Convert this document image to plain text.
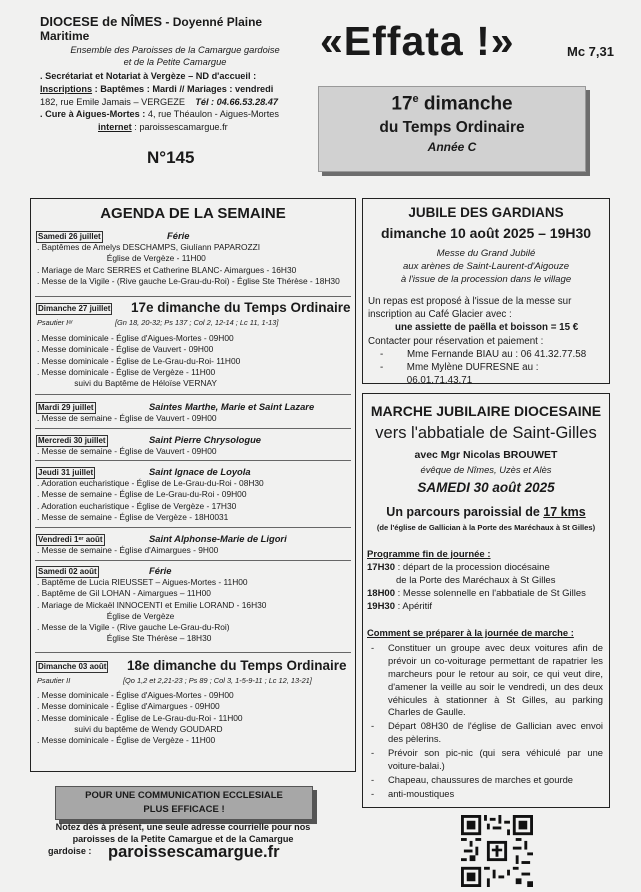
DIOCESE de NÎMES - Doyenné Plaine Maritime
Ensemble des Paroisses de la Camargue gardoise
et de la Petite Camargue
. Secrétariat et Notariat à Vergèze – ND d'accueil :
Inscriptions : Baptêmes : Mardi // Mariages : vendredi
182, rue Emile Jamais – VERGEZE Tél : 04.66.53.28.47
. Cure à Aigues-Mortes : 4, rue Théaulon - Aigues-Mortes
internet : paroissescamargue.fr
«Effata !»	Mc 7,31
17e dimanche
du Temps Ordinaire
Année C
N°145
AGENDA DE LA SEMAINE
Samedi 26 juillet	Férie
. Baptêmes de Amelys DESCHAMPS, Giulíann PAPAROZZI
Église de Vergèze - 11H00
. Mariage de Marc SERRES et Catherine BLANC- Aimargues - 16H30
. Messe de la Vigile - (Rive gauche Le-Grau-du-Roi) - Église Ste Thérèse - 18H30
Dimanche 27 juillet 17e dimanche du Temps Ordinaire
Psautier Iᵉʳ	[Gn 18, 20-32; Ps 137 ; Col 2, 12-14 ; Lc 11, 1-13]
. Messe dominicale - Église d'Aigues-Mortes - 09H00
. Messe dominicale - Église de Vauvert - 09H00
. Messe dominicale - Église de Le-Grau-du-Roi- 11H00
. Messe dominicale - Église de Vergèze - 11H00
suivi du Baptême de Héloïse VERNAY
Mardi 29 juillet	Saintes Marthe, Marie et Saint Lazare
. Messe de semaine - Église de Vauvert - 09H00
Mercredi 30 juillet	Saint Pierre Chrysologue
. Messe de semaine - Église de Vauvert - 09H00
Jeudi 31 juillet	Saint Ignace de Loyola
. Adoration eucharistique - Église de Le-Grau-du-Roi - 08H30
. Messe de semaine - Église de Le-Grau-du-Roi - 09H00
. Adoration eucharistique - Église de Vergèze - 17H30
. Messe de semaine - Église de Vergèze - 18H0031
Vendredi 1ᵉʳ août	Saint Alphonse-Marie de Ligori
. Messe de semaine - Église d'Aimargues - 9H00
Samedi 02 août	Férie
. Baptême de Lucia RIEUSSET – Aigues-Mortes - 11H00
. Baptême de Gil LOHAN - Aimargues – 11H00
. Mariage de Mickaël INNOCENTI et Emilie LORAND - 16H30
Église de Vergèze
. Messe de la Vigile - (Rive gauche Le-Grau-du-Roi)
Église Ste Thérèse – 18H30
Dimanche 03 août 18e dimanche du Temps Ordinaire
Psautier II	[Qo 1,2 et 2,21-23 ; Ps 89 ; Col 3, 1-5-9-11 ; Lc 12, 13-21]
. Messe dominicale - Église d'Aigues-Mortes - 09H00
. Messe dominicale - Église d'Aimargues - 09H00
. Messe dominicale - Église de Le-Grau-du-Roi - 11H00
suivi du baptême de Wendy GOUDARD
. Messe dominicale - Église de Vergèze - 11H00
JUBILE DES GARDIANS
dimanche 10 août 2025 – 19H30
Messe du Grand Jubilé
aux arènes de Saint-Laurent-d'Aigouze
à l'issue de la procession dans le village
Un repas est proposé à l'issue de la messe sur
inscription au Café Glacier avec :
une assiette de paëlla et boisson = 15 €
Contacter pour réservation et paiement :
-	Mme Fernande BIAU au : 06 41.32.77.58
-	Mme Mylène DUFRESNE au : 06.01.71.43.71
MARCHE JUBILAIRE DIOCESAINE
vers l'abbatiale de Saint-Gilles
avec Mgr Nicolas BROUWET
évêque de Nîmes, Uzès et Alès
SAMEDI 30 août 2025
Un parcours paroissial de 17 kms
(de l'église de Gallician à la Porte des Maréchaux à St Gilles)
Programme fin de journée :
17H30 : départ de la procession diocésaine
de la Porte des Maréchaux à St Gilles
18H00 : Messe solennelle en l'abbatiale de St Gilles
19H30 : Apéritif
Comment se préparer à la journée de marche :
-	Constituer un groupe avec deux voitures afin de prévoir un co-voiturage permettant de rapatrier les marcheurs pour le retour au soir, ce qui veut dire, d'amener la veille au soir le vendredi, un des deux véhicules à stationner à St Gilles, au parking Charles de Gaulle.
-	Départ 08H30 de l'église de Gallician avec envoi des pèlerins.
-	Prévoir son pic-nic (qui sera véhiculé par une voiture-balai.)
-	Chapeau, chaussures de marches et gourde
-	anti-moustiques
POUR UNE COMMUNICATION ECCLESIALE
PLUS EFFICACE !
Notez dès à présent, une seule adresse courrielle pour nos paroisses de la Petite Camargue et de la Camargue
gardoise : paroissescamargue.fr
